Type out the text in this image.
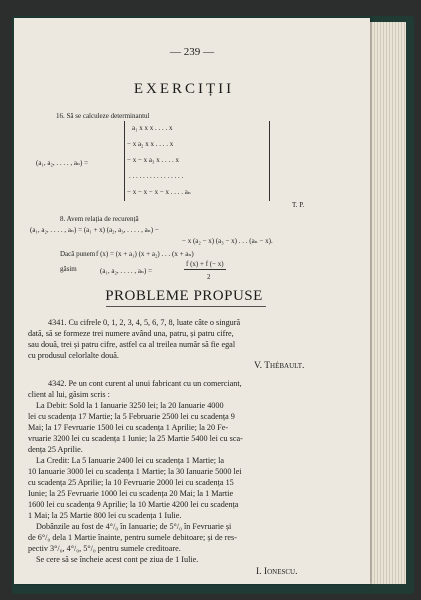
— 239 —
EXERCIȚII
16. Să se calculeze determinantul
(a₁, a₂, . . . . , aₙ) =
a₁ x x x . . . . x
− x a₂ x x . . . . x
− x − x a₃ x . . . . x
. . . . . . . . . . . . . . . .
− x − x − x − x . . . . aₙ
T. P.
8. Avem relația de recurență
(a₁, a₂, . . . . , aₙ) = (a₁ + x) (a₂, a₃, . . . . , aₙ) −
− x (a₂ − x) (a₃ − x) . . . (aₙ − x).
Dacă punem f (x) = (x + a₁) (x + a₂) . . . (x + aₙ)
găsim	(a₁, a₂, . . . . , aₙ) =
f (x) + f (− x)
2
PROBLEME PROPUSE
4341. Cu cifrele 0, 1, 2, 3, 4, 5, 6, 7, 8, luate câte o singură
dată, să se formeze trei numere având una, patru, și patru cifre,
sau două, trei și patru cifre, astfel ca al treilea număr să fie egal
cu produsul celorlalte două.
V. Thébault.
4342. Pe un cont curent al unui fabricant cu un comerciant,
client al lui, găsim scris :
La Debit: Sold la 1 Ianuarie 3250 lei; la 20 Ianuarie 4000
lei cu scadența 17 Martie; la 5 Februarie 2500 lei cu scadența 9
Mai; la 17 Fevruarie 1500 lei cu scadența 1 Aprilie; la 20 Fe-
vruarie 3200 lei cu scadența 1 Iunie; la 25 Martie 5400 lei cu sca-
dența 25 Aprilie.
La Credit: La 5 Ianuarie 2400 lei cu scadența 1 Martie; la
10 Ianuarie 3000 lei cu scadența 1 Martie; la 30 Ianuarie 5000 lei
cu scadența 25 Aprilie; la 10 Fevruarie 2000 lei cu scadența 15
Iunie; la 25 Fevruarie 1000 lei cu scadența 20 Mai; la 1 Martie
1600 lei cu scadența 9 Aprilie; la 10 Martie 4200 lei cu scadența
1 Mai; la 25 Martie 800 lei cu scadența 1 Iulie.
Dobânzile au fost de 4°/₀ în Ianuarie; de 5°/₀ în Fevruarie și
de 6°/₀ dela 1 Martie înainte, pentru sumele debitoare; și de res-
pectiv 3°/₀, 4°/₀, 5°/₀ pentru sumele creditoare.
Se cere să se încheie acest cont pe ziua de 1 Iulie.
I. Ionescu.
